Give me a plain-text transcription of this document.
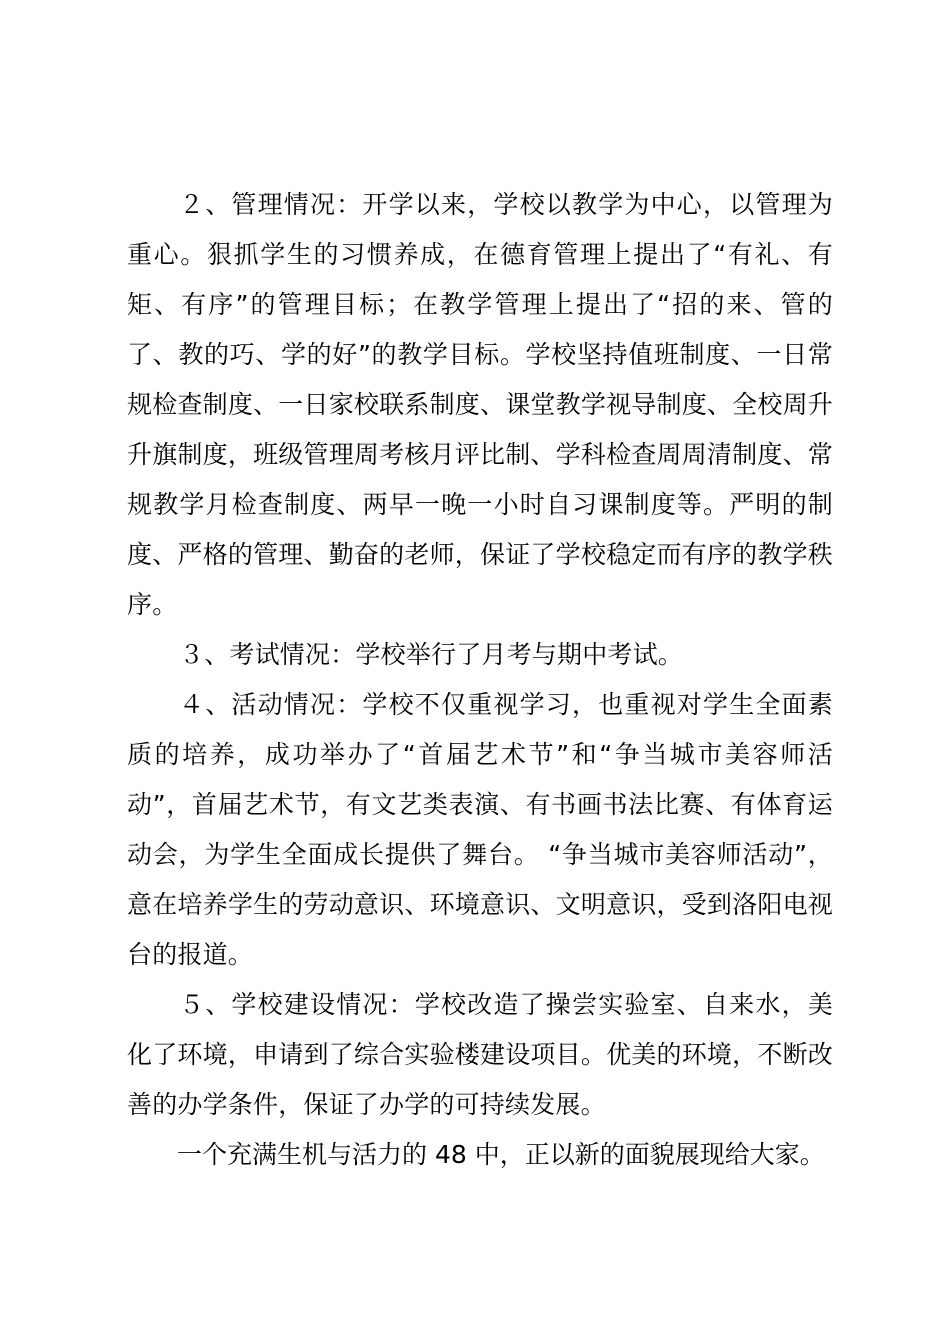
２、管理情况：开学以来，学校以教学为中心，以管理为重心。狠抓学生的习惯养成，在德育管理上提出了“有礼、有矩、有序”的管理目标；在教学管理上提出了“招的来、管的了、教的巧、学的好”的教学目标。学校坚持值班制度、一日常规检查制度、一日家校联系制度、课堂教学视导制度、全校周升升旗制度，班级管理周考核月评比制、学科检查周周清制度、常规教学月检查制度、两早一晚一小时自习课制度等。严明的制度、严格的管理、勤奋的老师，保证了学校稳定而有序的教学秩序。

３、考试情况：学校举行了月考与期中考试。

４、活动情况：学校不仅重视学习，也重视对学生全面素质的培养，成功举办了“首届艺术节”和“争当城市美容师活动”，首届艺术节，有文艺类表演、有书画书法比赛、有体育运动会，为学生全面成长提供了舞台。 “争当城市美容师活动”，意在培养学生的劳动意识、环境意识、文明意识，受到洛阳电视台的报道。

５、学校建设情况：学校改造了操尝实验室、自来水，美化了环境，申请到了综合实验楼建设项目。优美的环境，不断改善的办学条件，保证了办学的可持续发展。

一个充满生机与活力的 48 中，正以新的面貌展现给大家。
